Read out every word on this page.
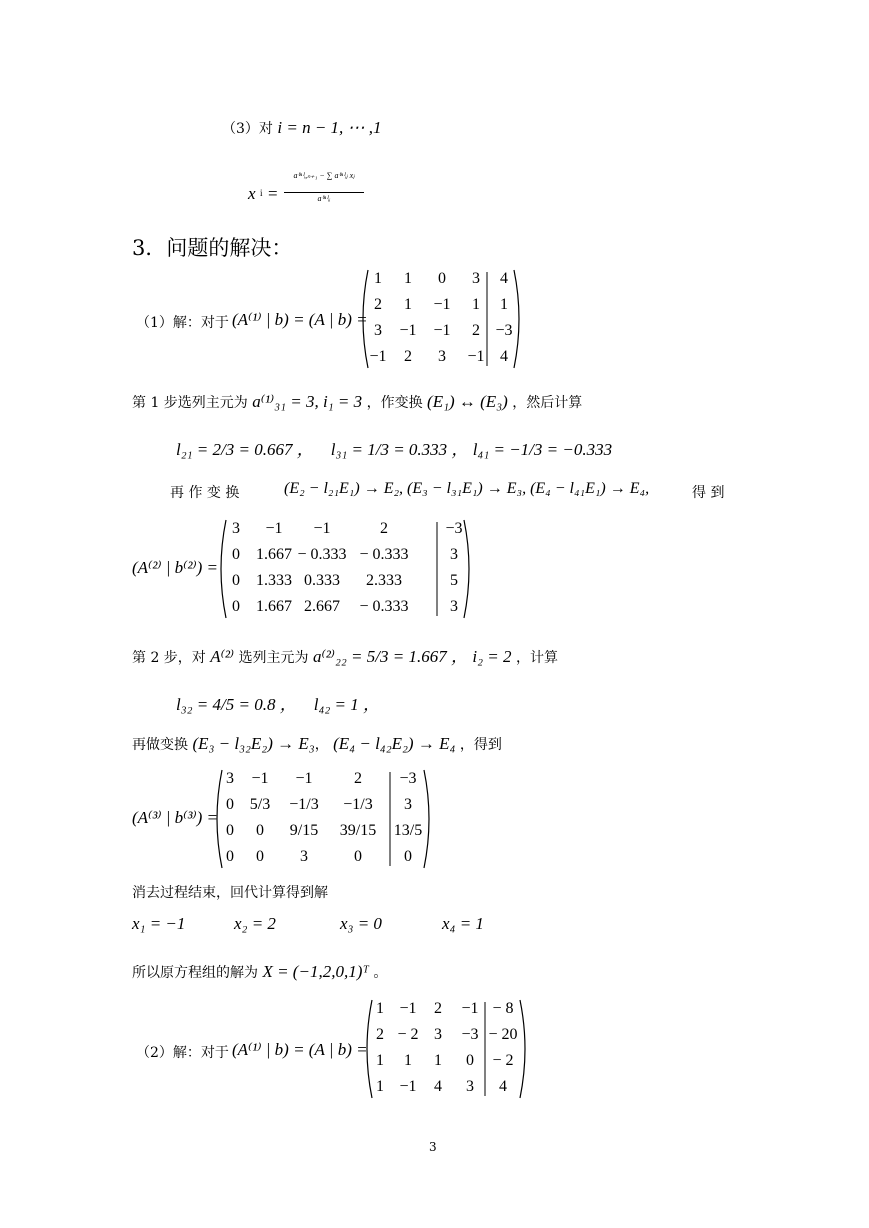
（3）对 i = n − 1, ⋯ ,1
x i =
a⁽ⁿ⁾ᵢ,ₙ₊₁ − ∑ a⁽ⁿ⁾ᵢⱼ xⱼ
a⁽ⁿ⁾ᵢᵢ
3．问题的解决：
（1）解：对于 (A⁽¹⁾ | b) = (A | b) =
1 1 0 3 4
2 1 −1 1 1
3 −1 −1 2 −3
−1 2 3 −1 4
第 1 步选列主元为 a⁽¹⁾₃₁ = 3, i₁ = 3 ，作变换 (E₁) ↔ (E₃) ，然后计算
l₂₁ = 2/3 = 0.667 ， l₃₁ = 1/3 = 0.333 ， l₄₁ = −1/3 = −0.333
再 作 变 换	(E₂ − l₂₁E₁) → E₂, (E₃ − l₃₁E₁) → E₃, (E₄ − l₄₁E₁) → E₄,	得 到
(A⁽²⁾ | b⁽²⁾) =
3 −1 −1	2	−3
0 1.667 − 0.333 − 0.333	3
0 1.333 0.333 2.333	5
0 1.667 2.667 − 0.333	3
第 2 步，对 A⁽²⁾ 选列主元为 a⁽²⁾₂₂ = 5/3 = 1.667 ， i₂ = 2 ，计算
l₃₂ = 4/5 = 0.8 ， l₄₂ = 1 ，
再做变换 (E₃ − l₃₂E₂) → E₃， (E₄ − l₄₂E₂) → E₄ ，得到
(A⁽³⁾ | b⁽³⁾) =
3 −1 −1	2 −3
0 5/3 −1/3 −1/3 3
0 0 9/15 39/15 13/5
0 0 3	0	0
消去过程结束，回代计算得到解
x₁ = −1	x₂ = 2	x₃ = 0	x₄ = 1
所以原方程组的解为 X = (−1,2,0,1)ᵀ 。
（2）解：对于 (A⁽¹⁾ | b) = (A | b) =
1 −1 2 −1 − 8
2 − 2 3 −3 − 20
1 1 1 0 − 2
1 −1 4 3 4
3
